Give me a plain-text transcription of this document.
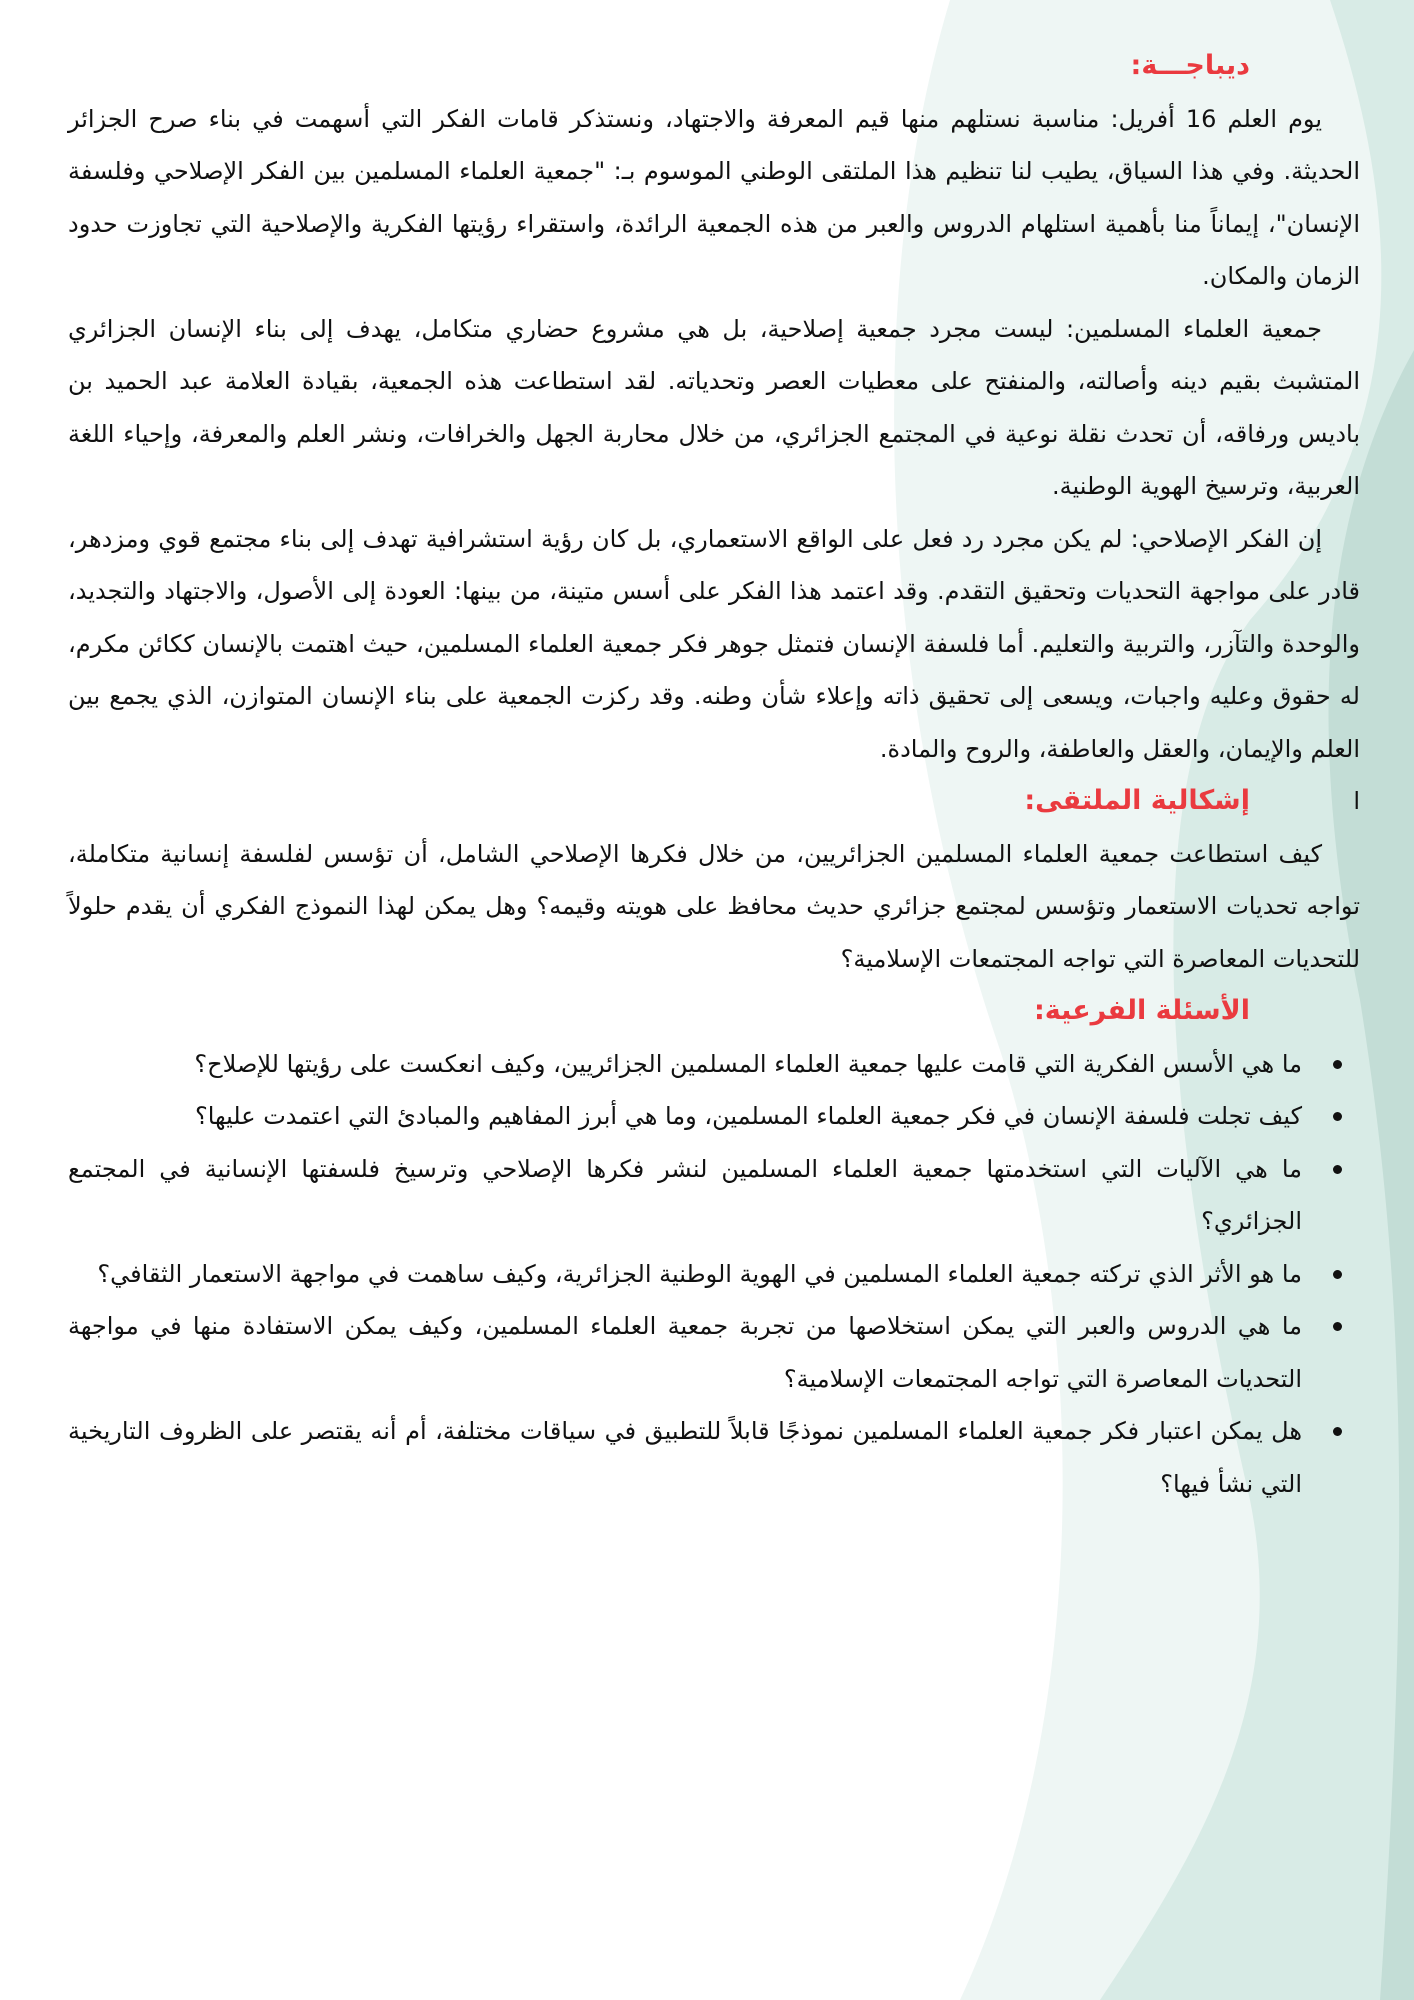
ديباجـــة:

يوم العلم 16 أفريل: مناسبة نستلهم منها قيم المعرفة والاجتهاد، ونستذكر قامات الفكر التي أسهمت في بناء صرح الجزائر الحديثة. وفي هذا السياق، يطيب لنا تنظيم هذا الملتقى الوطني الموسوم بـ: "جمعية العلماء المسلمين بين الفكر الإصلاحي وفلسفة الإنسان"، إيماناً منا بأهمية استلهام الدروس والعبر من هذه الجمعية الرائدة، واستقراء رؤيتها الفكرية والإصلاحية التي تجاوزت حدود الزمان والمكان.

جمعية العلماء المسلمين: ليست مجرد جمعية إصلاحية، بل هي مشروع حضاري متكامل، يهدف إلى بناء الإنسان الجزائري المتشبث بقيم دينه وأصالته، والمنفتح على معطيات العصر وتحدياته. لقد استطاعت هذه الجمعية، بقيادة العلامة عبد الحميد بن باديس ورفاقه، أن تحدث نقلة نوعية في المجتمع الجزائري، من خلال محاربة الجهل والخرافات، ونشر العلم والمعرفة، وإحياء اللغة العربية، وترسيخ الهوية الوطنية.

إن الفكر الإصلاحي: لم يكن مجرد رد فعل على الواقع الاستعماري، بل كان رؤية استشرافية تهدف إلى بناء مجتمع قوي ومزدهر، قادر على مواجهة التحديات وتحقيق التقدم. وقد اعتمد هذا الفكر على أسس متينة، من بينها: العودة إلى الأصول، والاجتهاد والتجديد، والوحدة والتآزر، والتربية والتعليم. أما فلسفة الإنسان فتمثل جوهر فكر جمعية العلماء المسلمين، حيث اهتمت بالإنسان ككائن مكرم، له حقوق وعليه واجبات، ويسعى إلى تحقيق ذاته وإعلاء شأن وطنه. وقد ركزت الجمعية على بناء الإنسان المتوازن، الذي يجمع بين العلم والإيمان، والعقل والعاطفة، والروح والمادة.

ا
إشكالية الملتقى:

كيف استطاعت جمعية العلماء المسلمين الجزائريين، من خلال فكرها الإصلاحي الشامل، أن تؤسس لفلسفة إنسانية متكاملة، تواجه تحديات الاستعمار وتؤسس لمجتمع جزائري حديث محافظ على هويته وقيمه؟ وهل يمكن لهذا النموذج الفكري أن يقدم حلولاً للتحديات المعاصرة التي تواجه المجتمعات الإسلامية؟

الأسئلة الفرعية:
ما هي الأسس الفكرية التي قامت عليها جمعية العلماء المسلمين الجزائريين، وكيف انعكست على رؤيتها للإصلاح؟
كيف تجلت فلسفة الإنسان في فكر جمعية العلماء المسلمين، وما هي أبرز المفاهيم والمبادئ التي اعتمدت عليها؟
ما هي الآليات التي استخدمتها جمعية العلماء المسلمين لنشر فكرها الإصلاحي وترسيخ فلسفتها الإنسانية في المجتمع الجزائري؟
ما هو الأثر الذي تركته جمعية العلماء المسلمين في الهوية الوطنية الجزائرية، وكيف ساهمت في مواجهة الاستعمار الثقافي؟
ما هي الدروس والعبر التي يمكن استخلاصها من تجربة جمعية العلماء المسلمين، وكيف يمكن الاستفادة منها في مواجهة التحديات المعاصرة التي تواجه المجتمعات الإسلامية؟
هل يمكن اعتبار فكر جمعية العلماء المسلمين نموذجًا قابلاً للتطبيق في سياقات مختلفة، أم أنه يقتصر على الظروف التاريخية التي نشأ فيها؟
